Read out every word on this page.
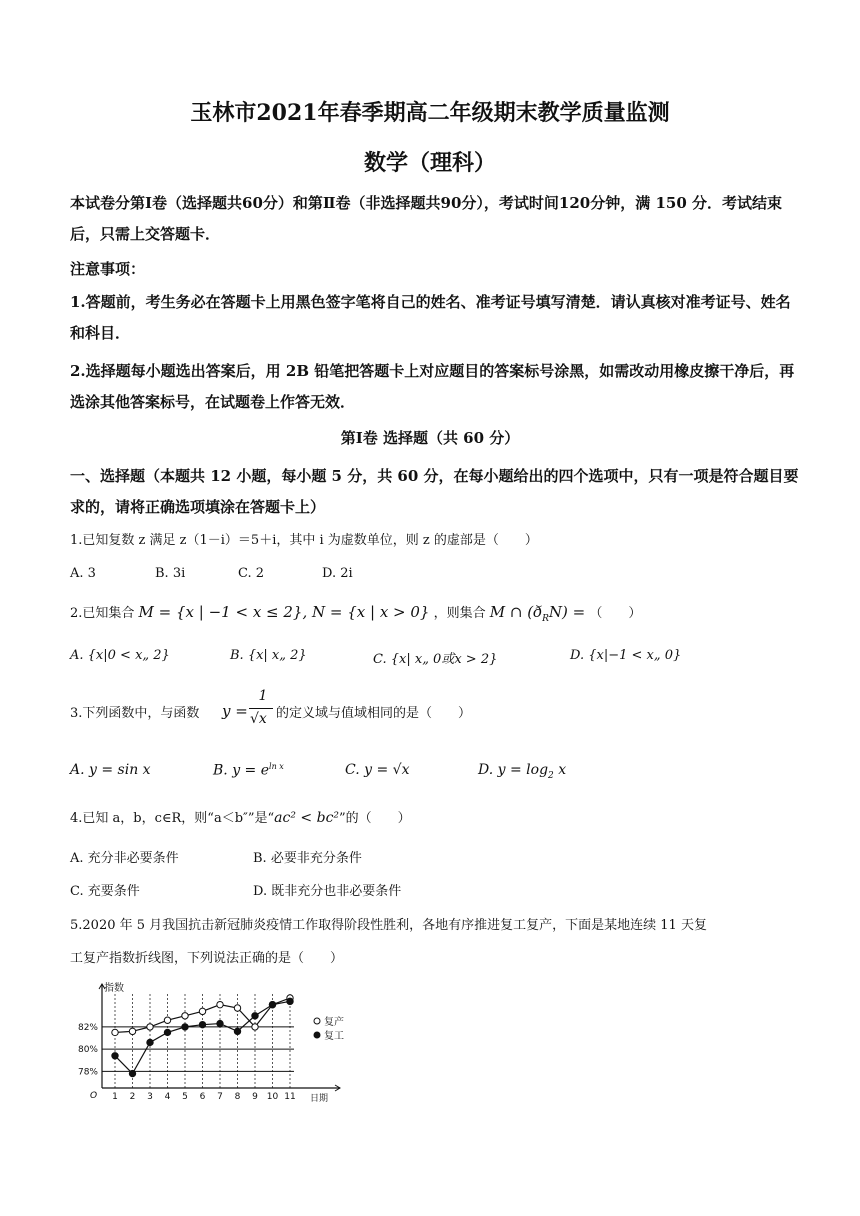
玉林市2021年春季期高二年级期末教学质量监测
数学（理科）
本试卷分第Ⅰ卷（选择题共60分）和第Ⅱ卷（非选择题共90分），考试时间120分钟，满 150 分．考试结束后，只需上交答题卡．
注意事项：
1.答题前，考生务必在答题卡上用黑色签字笔将自己的姓名、准考证号填写清楚．请认真核对准考证号、姓名和科目．
2.选择题每小题选出答案后，用 2B 铅笔把答题卡上对应题目的答案标号涂黑，如需改动用橡皮擦干净后，再选涂其他答案标号，在试题卷上作答无效．
第Ⅰ卷 选择题（共 60 分）
一、选择题（本题共 12 小题，每小题 5 分，共 60 分，在每小题给出的四个选项中，只有一项是符合题目要求的，请将正确选项填涂在答题卡上）
1.已知复数 z 满足 z（1－i）＝5＋i，其中 i 为虚数单位，则 z 的虚部是（　　）
A. 3	B. 3i	C. 2	D. 2i
2.已知集合 M = {x | −1 < x ≤ 2}, N = {x | x > 0} ，则集合 M ∩ $(ð_RN)$ = （　　）
A. {x|0 < x„ 2}	B. {x| x„ 2}	C. {x| x„ 0或x > 2}	D. {x|−1 < x„ 0}
3.下列函数中，与函数 y =
1
√x 的定义域与值域相同的是（　　）
A. y = sin x	B. $y = e^{ln x}$	C. y = √x	D. $y = \log_2 x$
4.已知 a，b，c∈R，则“a＜b″”是“ac² < bc²”的（　　）
A. 充分非必要条件	B. 必要非充分条件
C. 充要条件	D. 既非充分也非必要条件
5.2020 年 5 月我国抗击新冠肺炎疫情工作取得阶段性胜利，各地有序推进复工复产，下面是某地连续 11 天复
工复产指数折线图，下列说法正确的是（　　）
82%
80%
78%
1 2 3 4 5 6 7 8 9 10 11
O
指数
日期
复产
复工
